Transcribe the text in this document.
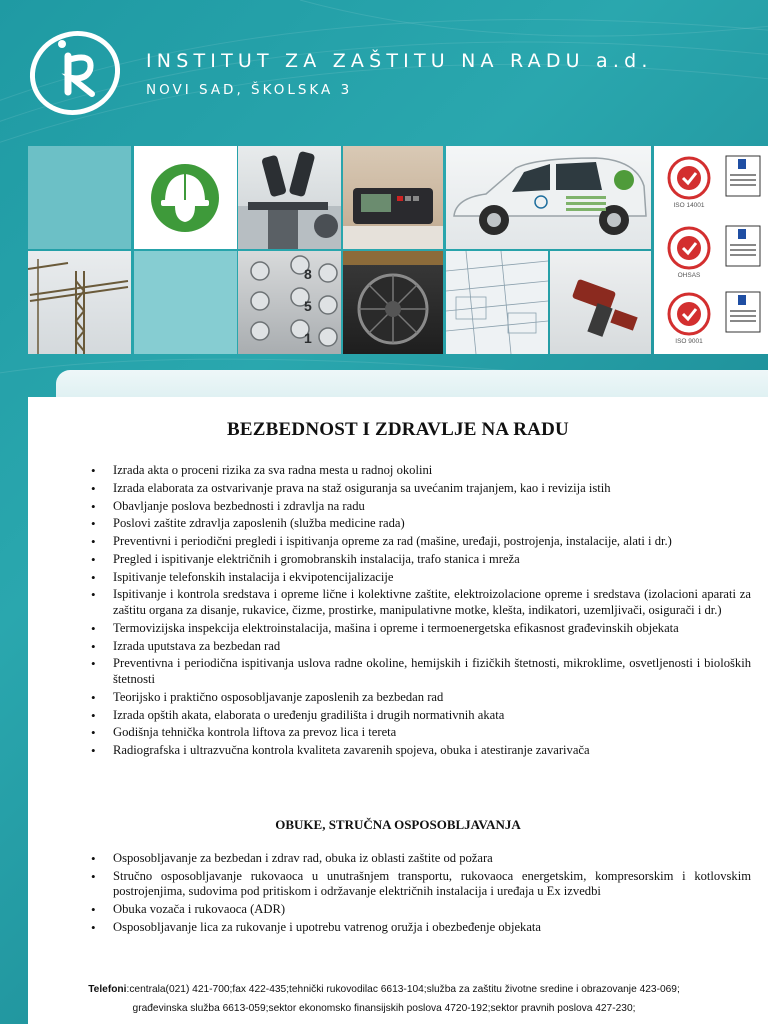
INSTITUT ZA ZAŠTITU NA RADU a.d.

NOVI SAD, ŠKOLSKA 3

8
5
1
ISO 14001
OHSAS
ISO 9001
BEZBEDNOST I ZDRAVLJE NA RADU
• Izrada akta o proceni rizika za sva radna mesta u radnoj okolini
• Izrada elaborata za ostvarivanje prava na staž osiguranja sa uvećanim trajanjem, kao i revizija istih
• Obavljanje poslova bezbednosti i zdravlja na radu
• Poslovi zaštite zdravlja zaposlenih (služba medicine rada)
• Preventivni i periodični pregledi i ispitivanja opreme za rad (mašine, uređaji, postrojenja, instalacije, alati i dr.)
• Pregled i ispitivanje električnih i gromobranskih instalacija, trafo stanica i mreža
• Ispitivanje telefonskih instalacija i ekvipotencijalizacije
• Ispitivanje i kontrola sredstava i opreme lične i kolektivne zaštite, elektroizolacione opreme i sredstava (izolacioni aparati za zaštitu organa za disanje, rukavice, čizme, prostirke, manipulativne motke, klešta, indikatori, uzemljivači, osigurači i dr.)
• Termovizijska inspekcija elektroinstalacija, mašina i opreme i termoenergetska efikasnost građevinskih objekata
• Izrada uputstava za bezbedan rad
• Preventivna i periodična ispitivanja uslova radne okoline, hemijskih i fizičkih štetnosti, mikroklime, osvetljenosti i bioloških štetnosti
• Teorijsko i praktično osposobljavanje zaposlenih za bezbedan rad
• Izrada opštih akata, elaborata o uređenju gradilišta i drugih normativnih akata
• Godišnja tehnička kontrola liftova za prevoz lica i tereta
• Radiografska i ultrazvučna kontrola kvaliteta zavarenih spojeva, obuka i atestiranje zavarivača
OBUKE, STRUČNA OSPOSOBLJAVANJA
• Osposobljavanje za bezbedan i zdrav rad, obuka iz oblasti zaštite od požara
• Stručno osposobljavanje rukovaoca u unutrašnjem transportu, rukovaoca energetskim, kompresorskim i kotlovskim postrojenjima, sudovima pod pritiskom i održavanje električnih instalacija i uređaja u Ex izvedbi
• Obuka vozača i rukovaoca (ADR)
• Osposobljavanje lica za rukovanje i upotrebu vatrenog oružja i obezbeđenje objekata
Telefoni:centrala(021) 421-700;fax 422-435;tehnički rukovodilac 6613-104;služba za zaštitu životne sredine i obrazovanje 423-069;
građevinska služba 6613-059;sektor ekonomsko finansijskih poslova 4720-192;sektor pravnih poslova 427-230;
